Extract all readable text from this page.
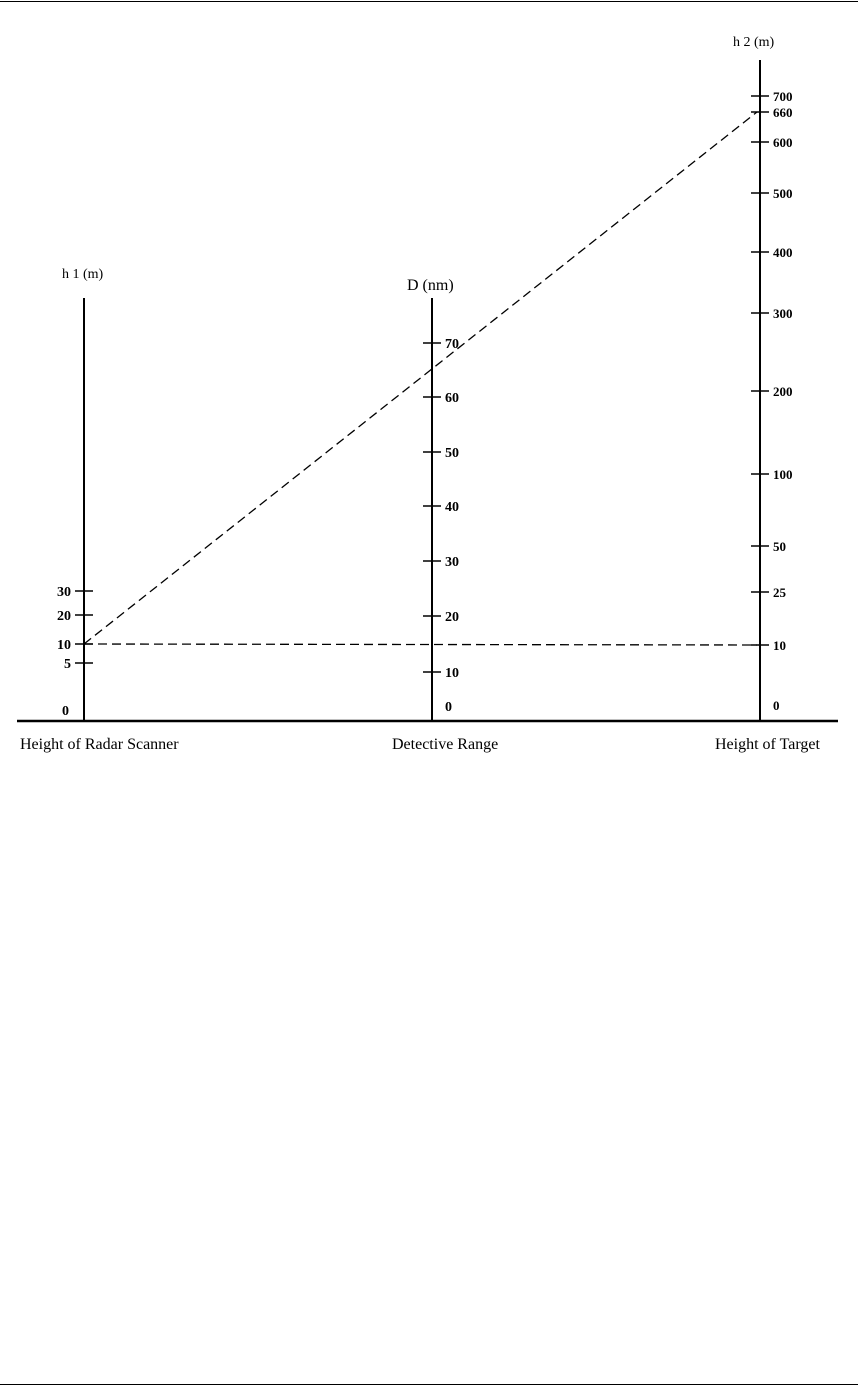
h 1 (m)
D (nm)
h 2 (m)
Height of Radar Scanner	Detective Range	Height of Target
0
5
10
20
30
0
10
20
30
40
50
60
70
0
10
25
50
100
200
300
400
500
600
660
700
